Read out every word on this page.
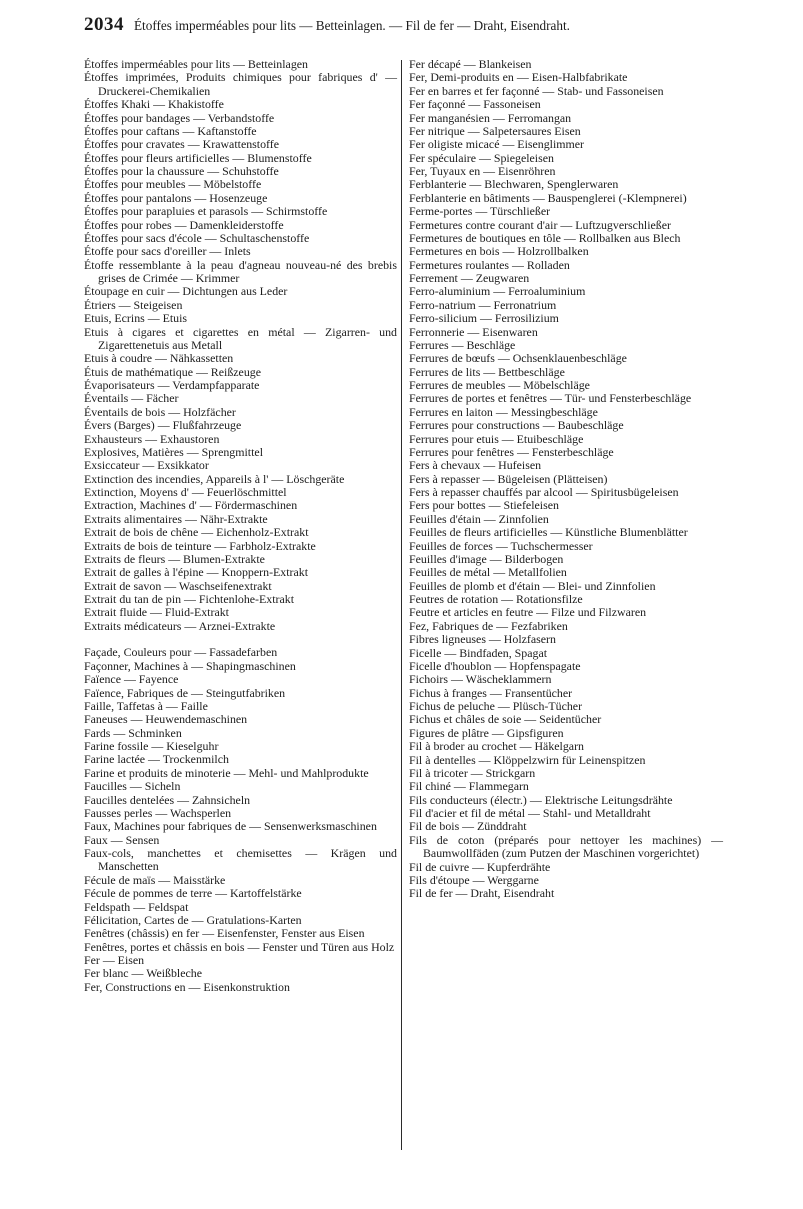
2034 Étoffes imperméables pour lits — Betteinlagen. — Fil de fer — Draht, Eisendraht.
Étoffes imperméables pour lits — Betteinlagen
Étoffes imprimées, Produits chimiques pour fabriques d' — Druckerei-Chemikalien
Étoffes Khaki — Khakistoffe
Étoffes pour bandages — Verbandstoffe
Étoffes pour caftans — Kaftanstoffe
Étoffes pour cravates — Krawattenstoffe
Étoffes pour fleurs artificielles — Blumenstoffe
Étoffes pour la chaussure — Schuhstoffe
Étoffes pour meubles — Möbelstoffe
Étoffes pour pantalons — Hosenzeuge
Étoffes pour parapluies et parasols — Schirmstoffe
Étoffes pour robes — Damenkleiderstoffe
Étoffes pour sacs d'école — Schultaschenstoffe
Étoffe pour sacs d'oreiller — Inlets
Étoffe ressemblante à la peau d'agneau nouveau-né des brebis grises de Crimée — Krimmer
Étoupage en cuir — Dichtungen aus Leder
Étriers — Steigeisen
Etuis, Ecrins — Etuis
Etuis à cigares et cigarettes en métal — Zigarren- und Zigarettenetuis aus Metall
Etuis à coudre — Nähkassetten
Étuis de mathématique — Reißzeuge
Évaporisateurs — Verdampfapparate
Éventails — Fächer
Éventails de bois — Holzfächer
Évers (Barges) — Flußfahrzeuge
Exhausteurs — Exhaustoren
Explosives, Matières — Sprengmittel
Exsiccateur — Exsikkator
Extinction des incendies, Appareils à l' — Löschgeräte
Extinction, Moyens d' — Feuerlöschmittel
Extraction, Machines d' — Fördermaschinen
Extraits alimentaires — Nähr-Extrakte
Extrait de bois de chêne — Eichenholz-Extrakt
Extraits de bois de teinture — Farbholz-Extrakte
Extraits de fleurs — Blumen-Extrakte
Extrait de galles à l'épine — Knoppern-Extrakt
Extrait de savon — Waschseifenextrakt
Extrait du tan de pin — Fichtenlohe-Extrakt
Extrait fluide — Fluid-Extrakt
Extraits médicateurs — Arznei-Extrakte
Façade, Couleurs pour — Fassadefarben
Façonner, Machines à — Shapingmaschinen
Faïence — Fayence
Faïence, Fabriques de — Steingutfabriken
Faille, Taffetas à — Faille
Faneuses — Heuwendemaschinen
Fards — Schminken
Farine fossile — Kieselguhr
Farine lactée — Trockenmilch
Farine et produits de minoterie — Mehl- und Mahlprodukte
Faucilles — Sicheln
Faucilles dentelées — Zahnsicheln
Fausses perles — Wachsperlen
Faux, Machines pour fabriques de — Sensenwerksmaschinen
Faux — Sensen
Faux-cols, manchettes et chemisettes — Krägen und Manschetten
Fécule de maïs — Maisstärke
Fécule de pommes de terre — Kartoffelstärke
Feldspath — Feldspat
Félicitation, Cartes de — Gratulations-Karten
Fenêtres (châssis) en fer — Eisenfenster, Fenster aus Eisen
Fenêtres, portes et châssis en bois — Fenster und Türen aus Holz
Fer — Eisen
Fer blanc — Weißbleche
Fer, Constructions en — Eisenkonstruktion
Fer décapé — Blankeisen
Fer, Demi-produits en — Eisen-Halbfabrikate
Fer en barres et fer façonné — Stab- und Fassoneisen
Fer façonné — Fassoneisen
Fer manganésien — Ferromangan
Fer nitrique — Salpetersaures Eisen
Fer oligiste micacé — Eisenglimmer
Fer spéculaire — Spiegeleisen
Fer, Tuyaux en — Eisenröhren
Ferblanterie — Blechwaren, Spenglerwaren
Ferblanterie en bâtiments — Bauspenglerei (-Klempnerei)
Ferme-portes — Türschließer
Fermetures contre courant d'air — Luftzugverschließer
Fermetures de boutiques en tôle — Rollbalken aus Blech
Fermetures en bois — Holzrollbalken
Fermetures roulantes — Rolladen
Ferrement — Zeugwaren
Ferro-aluminium — Ferroaluminium
Ferro-natrium — Ferronatrium
Ferro-silicium — Ferrosilizium
Ferronnerie — Eisenwaren
Ferrures — Beschläge
Ferrures de bœufs — Ochsenklauenbeschläge
Ferrures de lits — Bettbeschläge
Ferrures de meubles — Möbelschläge
Ferrures de portes et fenêtres — Tür- und Fensterbeschläge
Ferrures en laiton — Messingbeschläge
Ferrures pour constructions — Baubeschläge
Ferrures pour etuis — Etuibeschläge
Ferrures pour fenêtres — Fensterbeschläge
Fers à chevaux — Hufeisen
Fers à repasser — Bügeleisen (Plätteisen)
Fers à repasser chauffés par alcool — Spiritusbügeleisen
Fers pour bottes — Stiefeleisen
Feuilles d'étain — Zinnfolien
Feuilles de fleurs artificielles — Künstliche Blumenblätter
Feuilles de forces — Tuchschermesser
Feuilles d'image — Bilderbogen
Feuilles de métal — Metallfolien
Feuilles de plomb et d'étain — Blei- und Zinnfolien
Feutres de rotation — Rotationsfilze
Feutre et articles en feutre — Filze und Filzwaren
Fez, Fabriques de — Fezfabriken
Fibres ligneuses — Holzfasern
Ficelle — Bindfaden, Spagat
Ficelle d'houblon — Hopfenspagate
Fichoirs — Wäscheklammern
Fichus à franges — Fransentücher
Fichus de peluche — Plüsch-Tücher
Fichus et châles de soie — Seidentücher
Figures de plâtre — Gipsfiguren
Fil à broder au crochet — Häkelgarn
Fil à dentelles — Klöppelzwirn für Leinenspitzen
Fil à tricoter — Strickgarn
Fil chiné — Flammegarn
Fils conducteurs (électr.) — Elektrische Leitungsdrähte
Fil d'acier et fil de métal — Stahl- und Metalldraht
Fil de bois — Zünddraht
Fils de coton (préparés pour nettoyer les machines) — Baumwollfäden (zum Putzen der Maschinen vorgerichtet)
Fil de cuivre — Kupferdrähte
Fils d'étoupe — Werggarne
Fil de fer — Draht, Eisendraht
